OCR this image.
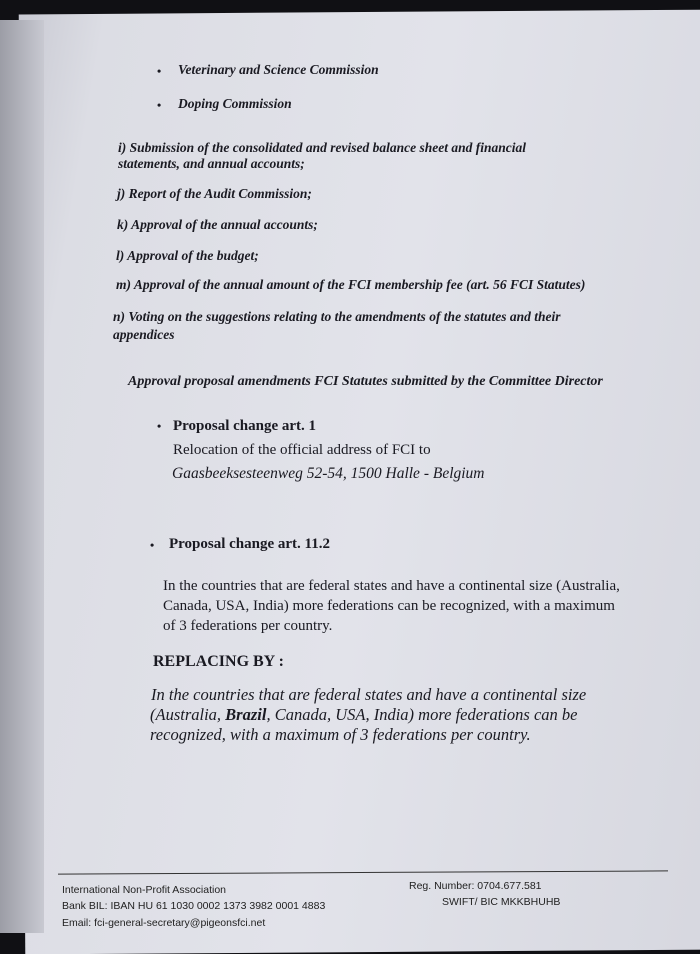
• Veterinary and Science Commission
• Doping Commission
i) Submission of the consolidated and revised balance sheet and financial
statements, and annual accounts;
j) Report of the Audit Commission;
k) Approval of the annual accounts;
l) Approval of the budget;
m) Approval of the annual amount of the FCI membership fee (art. 56 FCI Statutes)
n) Voting on the suggestions relating to the amendments of the statutes and their
appendices
Approval proposal amendments FCI Statutes submitted by the Committee Director
• Proposal change art. 1
Relocation of the official address of FCI to
Gaasbeeksesteenweg 52-54, 1500 Halle - Belgium
• Proposal change art. 11.2
In the countries that are federal states and have a continental size (Australia,
Canada, USA, India) more federations can be recognized, with a maximum
of 3 federations per country.
REPLACING BY :
In the countries that are federal states and have a continental size
(Australia, Brazil, Canada, USA, India) more federations can be
recognized, with a maximum of 3 federations per country.
International Non-Profit Association
Bank BIL: IBAN HU 61 1030 0002 1373 3982 0001 4883
Email: fci-general-secretary@pigeonsfci.net
Reg. Number: 0704.677.581
SWIFT/ BIC MKKBHUHB
